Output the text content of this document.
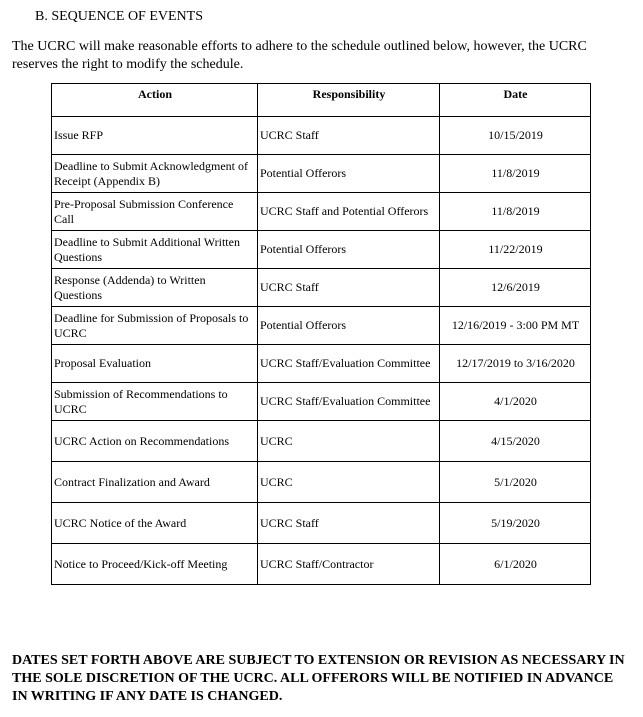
B. SEQUENCE OF EVENTS
The UCRC will make reasonable efforts to adhere to the schedule outlined below, however, the UCRC reserves the right to modify the schedule.
Action	Responsibility	Date
Issue RFP	UCRC Staff	10/15/2019
Deadline to Submit Acknowledgment of Receipt (Appendix B)	Potential Offerors	11/8/2019
Pre-Proposal Submission Conference Call	UCRC Staff and Potential Offerors	11/8/2019
Deadline to Submit Additional Written Questions	Potential Offerors	11/22/2019
Response (Addenda) to Written Questions	UCRC Staff	12/6/2019
Deadline for Submission of Proposals to UCRC	Potential Offerors	12/16/2019 - 3:00 PM MT
Proposal Evaluation	UCRC Staff/Evaluation Committee	12/17/2019 to 3/16/2020
Submission of Recommendations to UCRC	UCRC Staff/Evaluation Committee	4/1/2020
UCRC Action on Recommendations	UCRC	4/15/2020
Contract Finalization and Award	UCRC	5/1/2020
UCRC Notice of the Award	UCRC Staff	5/19/2020
Notice to Proceed/Kick-off Meeting	UCRC Staff/Contractor	6/1/2020
DATES SET FORTH ABOVE ARE SUBJECT TO EXTENSION OR REVISION AS NECESSARY IN THE SOLE DISCRETION OF THE UCRC. ALL OFFERORS WILL BE NOTIFIED IN ADVANCE IN WRITING IF ANY DATE IS CHANGED.
